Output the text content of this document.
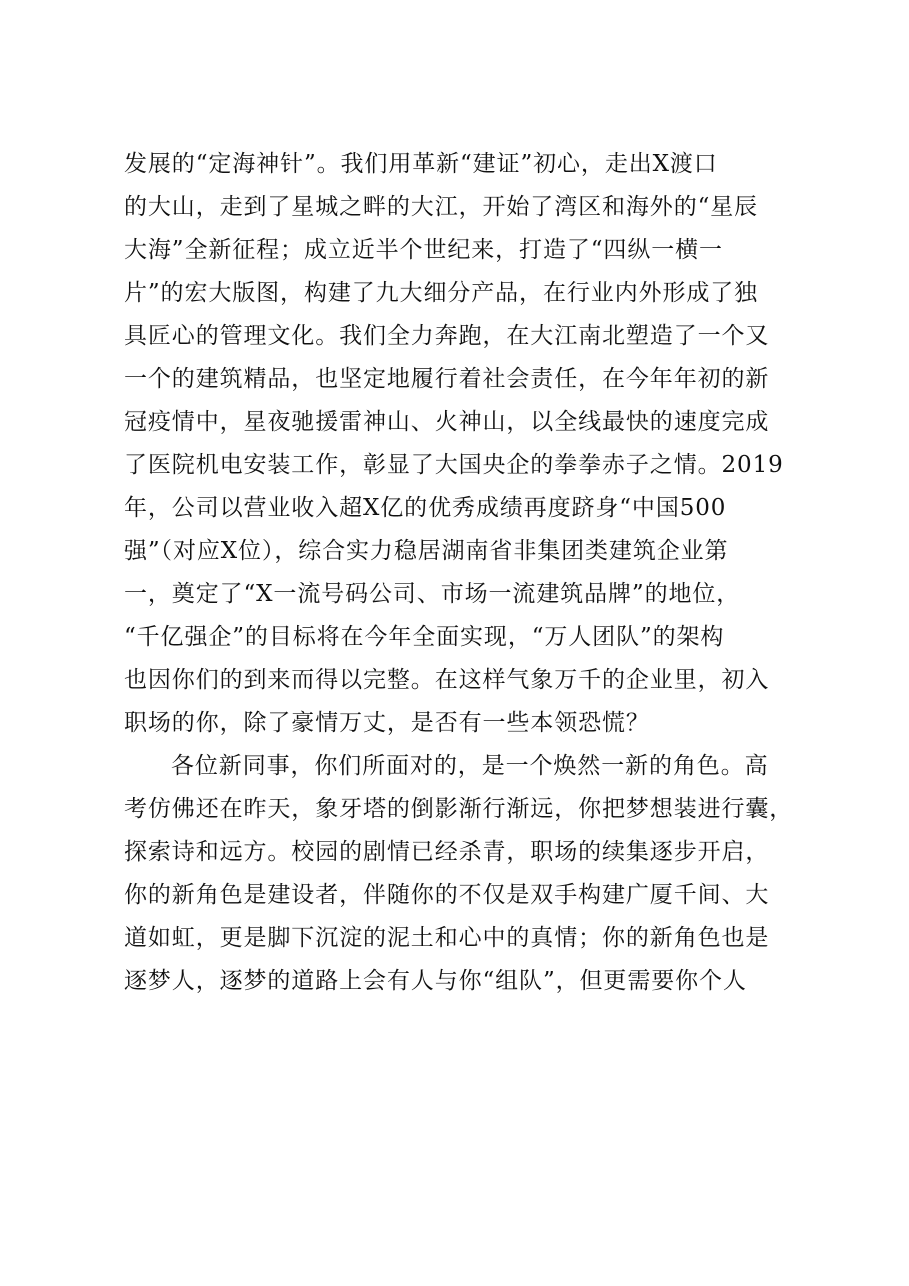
发展的“定海神针”。我们用革新“建证”初心，走出X渡口
的大山，走到了星城之畔的大江，开始了湾区和海外的“星辰
大海”全新征程；成立近半个世纪来，打造了“四纵一横一
片”的宏大版图，构建了九大细分产品，在行业内外形成了独
具匠心的管理文化。我们全力奔跑，在大江南北塑造了一个又
一个的建筑精品，也坚定地履行着社会责任，在今年年初的新
冠疫情中，星夜驰援雷神山、火神山，以全线最快的速度完成
了医院机电安装工作，彰显了大国央企的拳拳赤子之情。2019
年，公司以营业收入超X亿的优秀成绩再度跻身“中国500
强”（对应X位），综合实力稳居湖南省非集团类建筑企业第
一，奠定了“X一流号码公司、市场一流建筑品牌”的地位，
“千亿强企”的目标将在今年全面实现，“万人团队”的架构
也因你们的到来而得以完整。在这样气象万千的企业里，初入
职场的你，除了豪情万丈，是否有一些本领恐慌？
各位新同事，你们所面对的，是一个焕然一新的角色。高
考仿佛还在昨天，象牙塔的倒影渐行渐远，你把梦想装进行囊，
探索诗和远方。校园的剧情已经杀青，职场的续集逐步开启，
你的新角色是建设者，伴随你的不仅是双手构建广厦千间、大
道如虹，更是脚下沉淀的泥土和心中的真情；你的新角色也是
逐梦人，逐梦的道路上会有人与你“组队”，但更需要你个人
